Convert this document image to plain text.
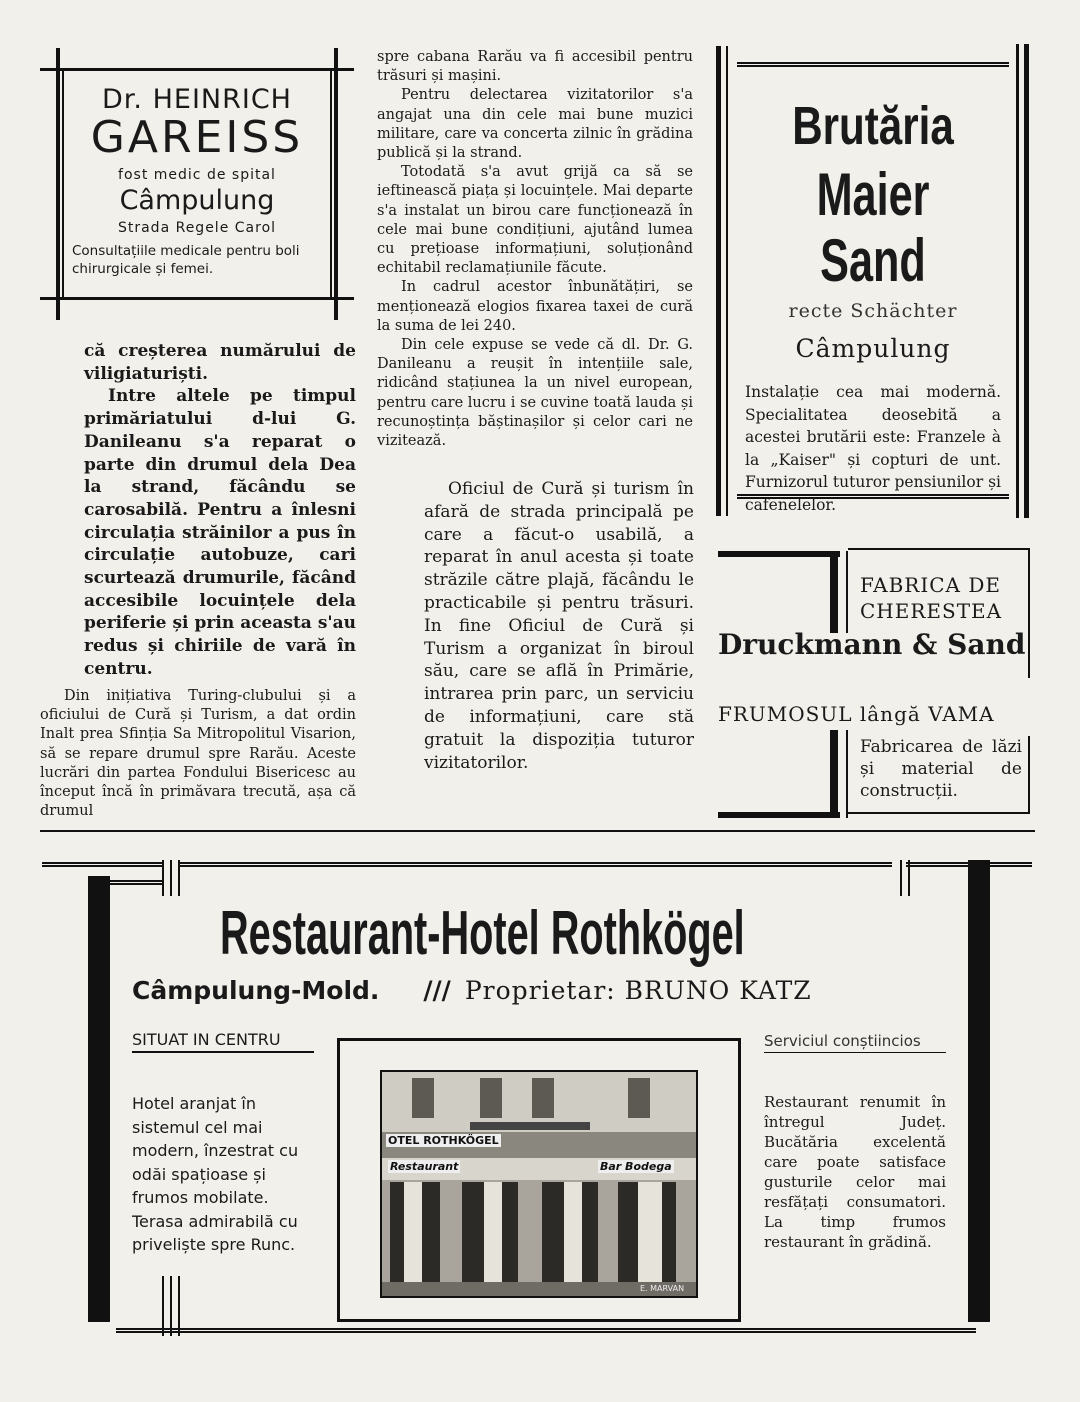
Dr. HEINRICH
GAREISS
fost medic de spital
Câmpulung
Strada Regele Carol
Consultațiile medicale pentru boli chirurgicale și femei.

că creșterea numărului de viligiaturiști.

Intre altele pe timpul primăriatului d-lui G. Danileanu s'a reparat o parte din drumul dela Dea la strand, făcându se carosabilă. Pentru a înlesni circulația străinilor a pus în circulație autobuze, cari scurtează drumurile, făcând accesibile locuințele dela periferie și prin aceasta s'au redus și chiriile de vară în centru.

Din inițiativa Turing-clubului și a oficiului de Cură și Turism, a dat ordin Inalt prea Sfinția Sa Mitropolitul Visarion, să se repare drumul spre Rarău. Aceste lucrări din partea Fondului Bisericesc au început încă în primăvara trecută, așa că drumul

spre cabana Rarău va fi accesibil pentru trăsuri și mașini.

Pentru delectarea vizitatorilor s'a angajat una din cele mai bune muzici militare, care va concerta zilnic în grădina publică și la strand.

Totodată s'a avut grijă ca să se ieftinească piața și locuințele. Mai departe s'a instalat un birou care funcționează în cele mai bune condițiuni, ajutând lumea cu prețioase informațiuni, soluționând echitabil reclamațiunile făcute.

In cadrul acestor înbunătățiri, se menționează elogios fixarea taxei de cură la suma de lei 240.

Din cele expuse se vede că dl. Dr. G. Danileanu a reușit în intențiile sale, ridicând stațiunea la un nivel european, pentru care lucru i se cuvine toată lauda și recunoștința băștinașilor și celor cari ne vizitează.

Oficiul de Cură și turism în afară de strada principală pe care a făcut-o usabilă, a reparat în anul acesta și toate străzile către plajă, făcându le practicabile și pentru trăsuri. In fine Oficiul de Cură și Turism a organizat în biroul său, care se află în Primărie, intrarea prin parc, un serviciu de informațiuni, care stă gratuit la dispoziția tuturor vizitatorilor.

Brutăria
Maier Sand
recte Schächter
Câmpulung
Instalație cea mai modernă. Specialitatea deosebită a acestei brutării este: Franzele à la „Kaiser" și copturi de unt. Furnizorul tuturor pensiunilor și cafenelelor.
FABRICA DE CHERESTEA
Druckmann & Sand
FRUMOSUL lângă VAMA
Fabricarea de lăzi și material de construcții.
Restaurant-Hotel Rothkögel
Câmpulung-Mold. /// Proprietar: BRUNO KATZ
SITUAT IN CENTRU
Hotel aranjat în sistemul cel mai modern, înzestrat cu odăi spațioase și frumos mobilate. Terasa admirabilă cu priveliște spre Runc.
Serviciul conștiincios
Restaurant renumit în întregul Județ. Bucătăria excelentă care poate satisface gusturile celor mai resfățați consumatori. La timp frumos restaurant în grădină.
OTEL ROTHKÖGEL
Restaurant	Bar Bodega
E. MARVAN
